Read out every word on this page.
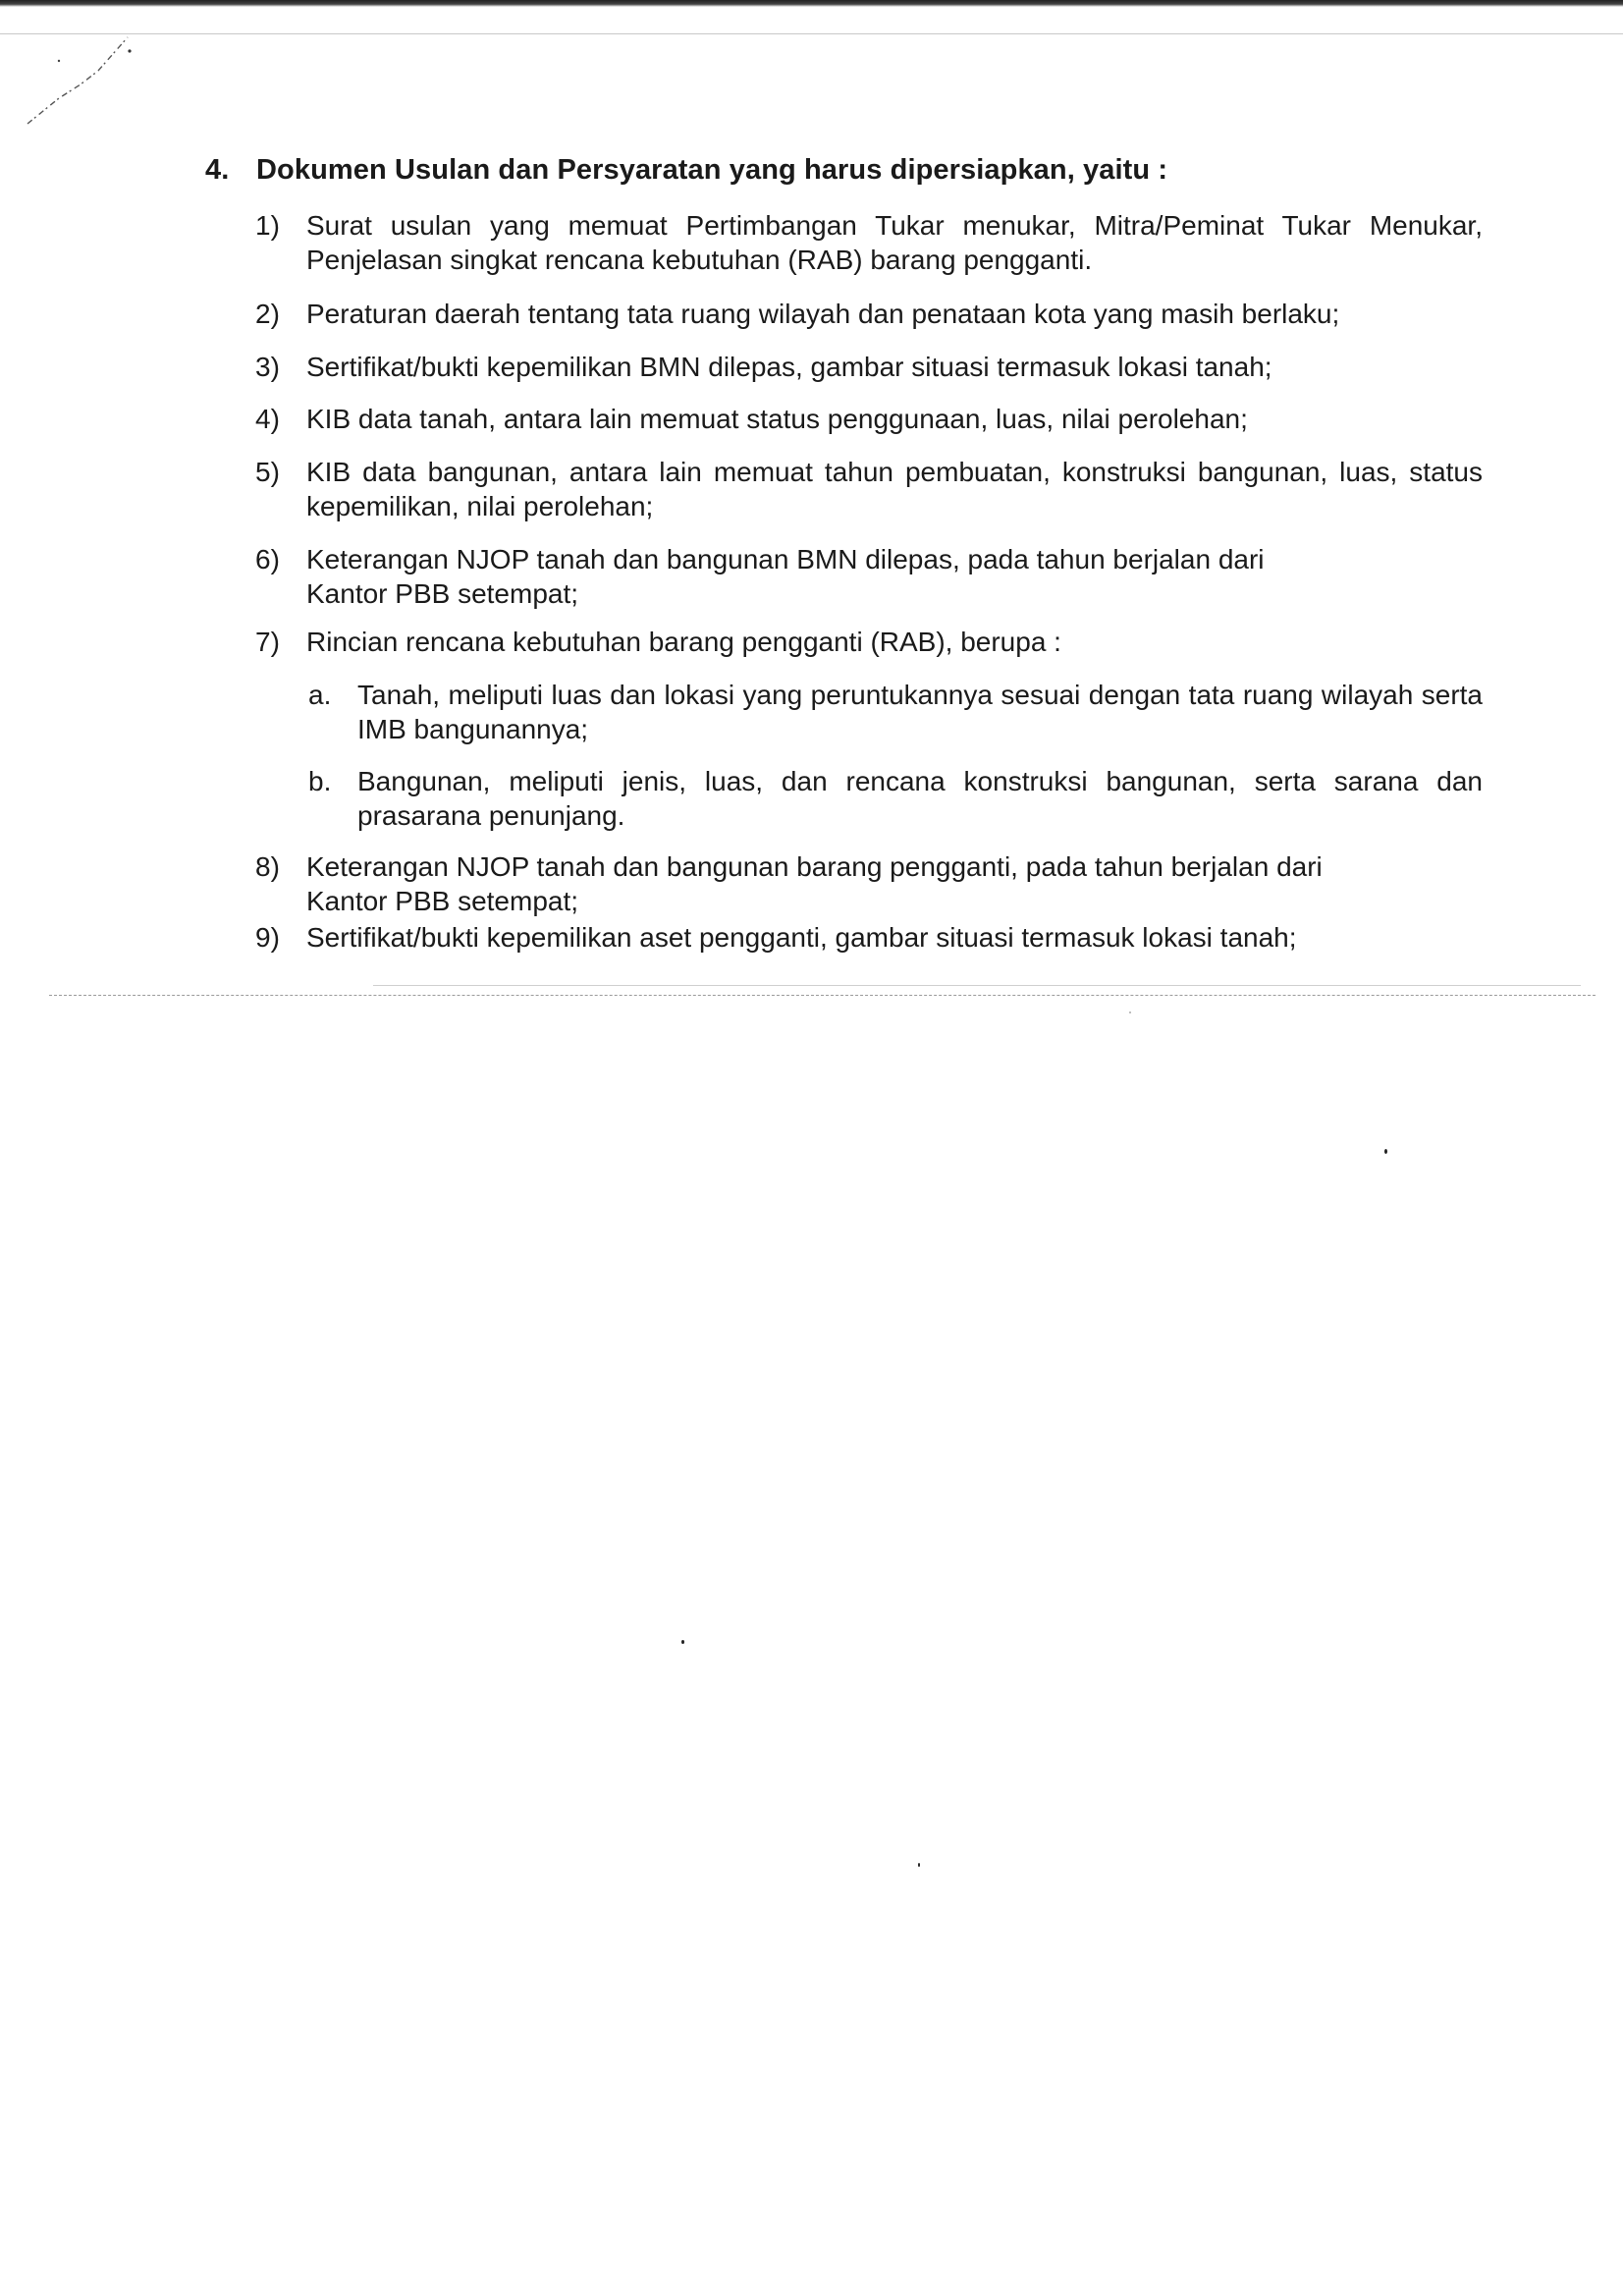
4. Dokumen Usulan dan Persyaratan yang harus dipersiapkan, yaitu :
1) Surat usulan yang memuat Pertimbangan Tukar menukar, Mitra/Peminat Tukar Menukar, Penjelasan singkat rencana kebutuhan (RAB) barang pengganti.
2) Peraturan daerah tentang tata ruang wilayah dan penataan kota yang masih berlaku;
3) Sertifikat/bukti kepemilikan BMN dilepas, gambar situasi termasuk lokasi tanah;
4) KIB data tanah, antara lain memuat status penggunaan, luas, nilai perolehan;
5) KIB data bangunan, antara lain memuat tahun pembuatan, konstruksi bangunan, luas, status kepemilikan, nilai perolehan;
6) Keterangan NJOP tanah dan bangunan BMN dilepas, pada tahun berjalan dari Kantor PBB setempat;
7) Rincian rencana kebutuhan barang pengganti (RAB), berupa :
a. Tanah, meliputi luas dan lokasi yang peruntukannya sesuai dengan tata ruang wilayah serta IMB bangunannya;
b. Bangunan, meliputi jenis, luas, dan rencana konstruksi bangunan, serta sarana dan prasarana penunjang.
8) Keterangan NJOP tanah dan bangunan barang pengganti, pada tahun berjalan dari Kantor PBB setempat;
9) Sertifikat/bukti kepemilikan aset pengganti, gambar situasi termasuk lokasi tanah;
